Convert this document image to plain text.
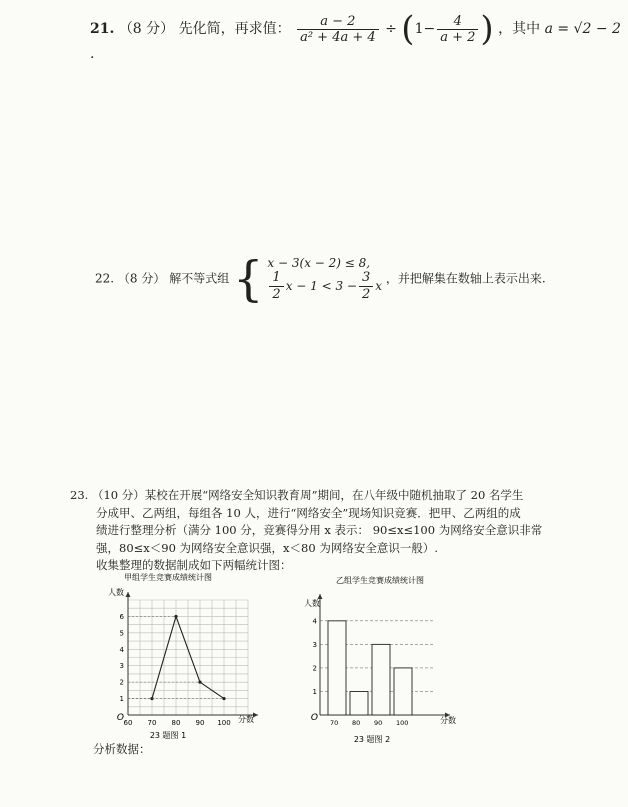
21. （8 分） 先化简，再求值： $\frac{a - 2}{\text{a² + 4a + 4}} \div (1- \frac{4}{a + 2}$ ) ，其中 a = √2 − 2 .
22. （8 分） 解不等式组 { x − 3(x − 2) ≤ 8,
$\frac{1}{2}$ $x - 1 < 3 - \frac{3}{2}$ x
，并把解集在数轴上表示出来.

23. （10 分）某校在开展“网络安全知识教育周”期间，在八年级中随机抽取了 20 名学生

分成甲、乙两组，每组各 10 人，进行“网络安全”现场知识竞赛．把甲、乙两组的成

绩进行整理分析（满分 100 分，竞赛得分用 x 表示： 90≤x≤100 为网络安全意识非常

强，80≤x＜90 为网络安全意识强，x＜80 为网络安全意识一般）.

收集整理的数据制成如下两幅统计图：

甲组学生竞赛成绩统计图
60 70 80 90 100
1
2
3
4
5
6
人数
分数
O
23 题图 1
乙组学生竞赛成绩统计图
1
2
3
4
70 80 90 100
人数
分数
O
23 题图 2
分析数据：
